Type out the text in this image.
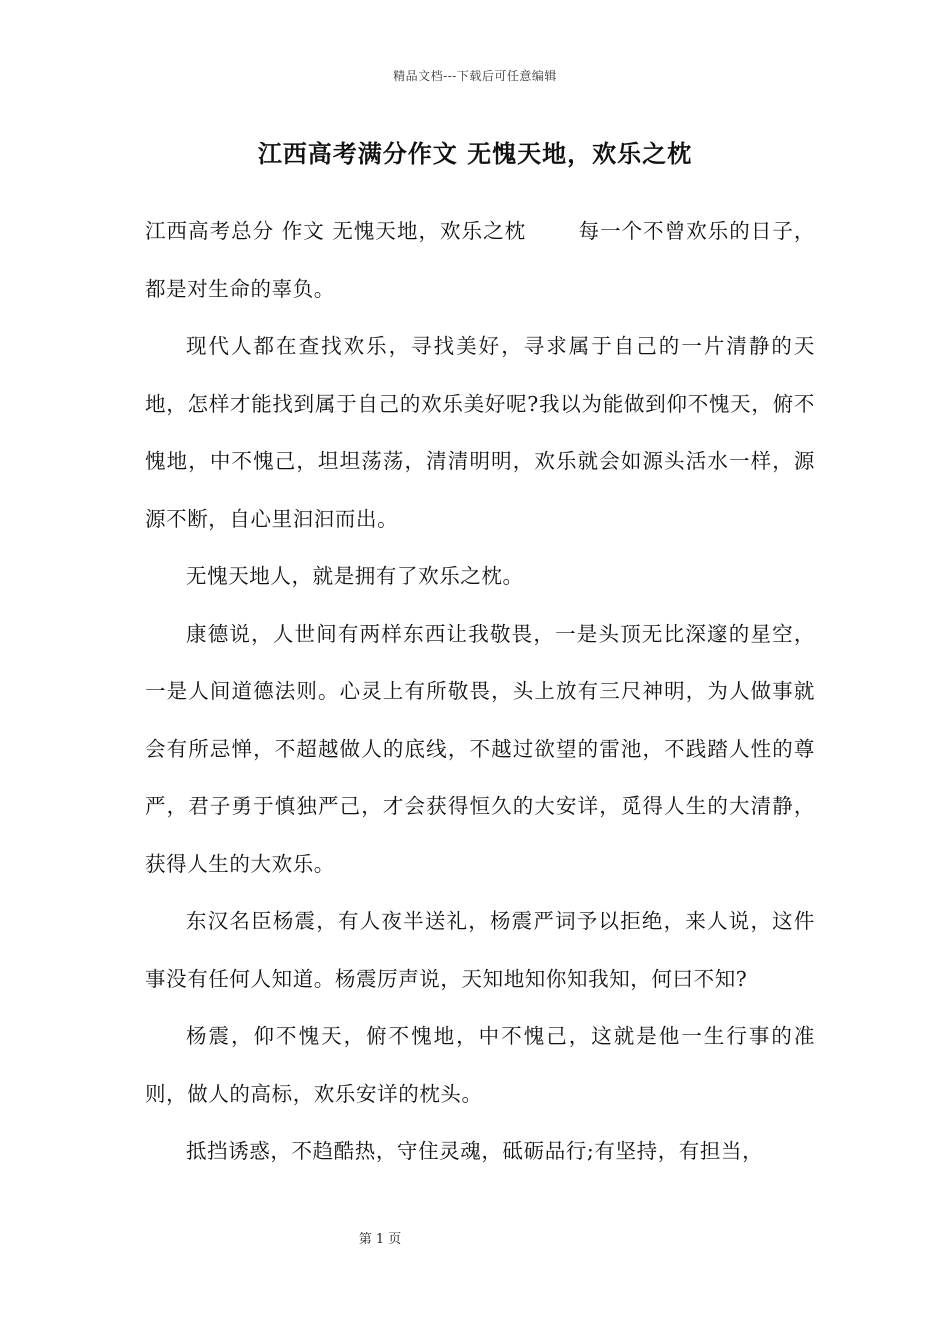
精品文档---下载后可任意编辑
江西高考满分作文 无愧天地，欢乐之枕

江西高考总分 作文 无愧天地，欢乐之枕	每一个不曾欢乐的日子，都是对生命的辜负。

现代人都在查找欢乐，寻找美好，寻求属于自己的一片清静的天地，怎样才能找到属于自己的欢乐美好呢?我以为能做到仰不愧天，俯不愧地，中不愧己，坦坦荡荡，清清明明，欢乐就会如源头活水一样，源源不断，自心里汩汩而出。

无愧天地人，就是拥有了欢乐之枕。

康德说，人世间有两样东西让我敬畏，一是头顶无比深邃的星空，一是人间道德法则。心灵上有所敬畏，头上放有三尺神明，为人做事就会有所忌惮，不超越做人的底线，不越过欲望的雷池，不践踏人性的尊严，君子勇于慎独严己，才会获得恒久的大安详，觅得人生的大清静，获得人生的大欢乐。

东汉名臣杨震，有人夜半送礼，杨震严词予以拒绝，来人说，这件事没有任何人知道。杨震厉声说，天知地知你知我知，何曰不知?

杨震，仰不愧天，俯不愧地，中不愧己，这就是他一生行事的准则，做人的高标，欢乐安详的枕头。

抵挡诱惑，不趋酷热，守住灵魂，砥砺品行;有坚持，有担当，

第 1 页
